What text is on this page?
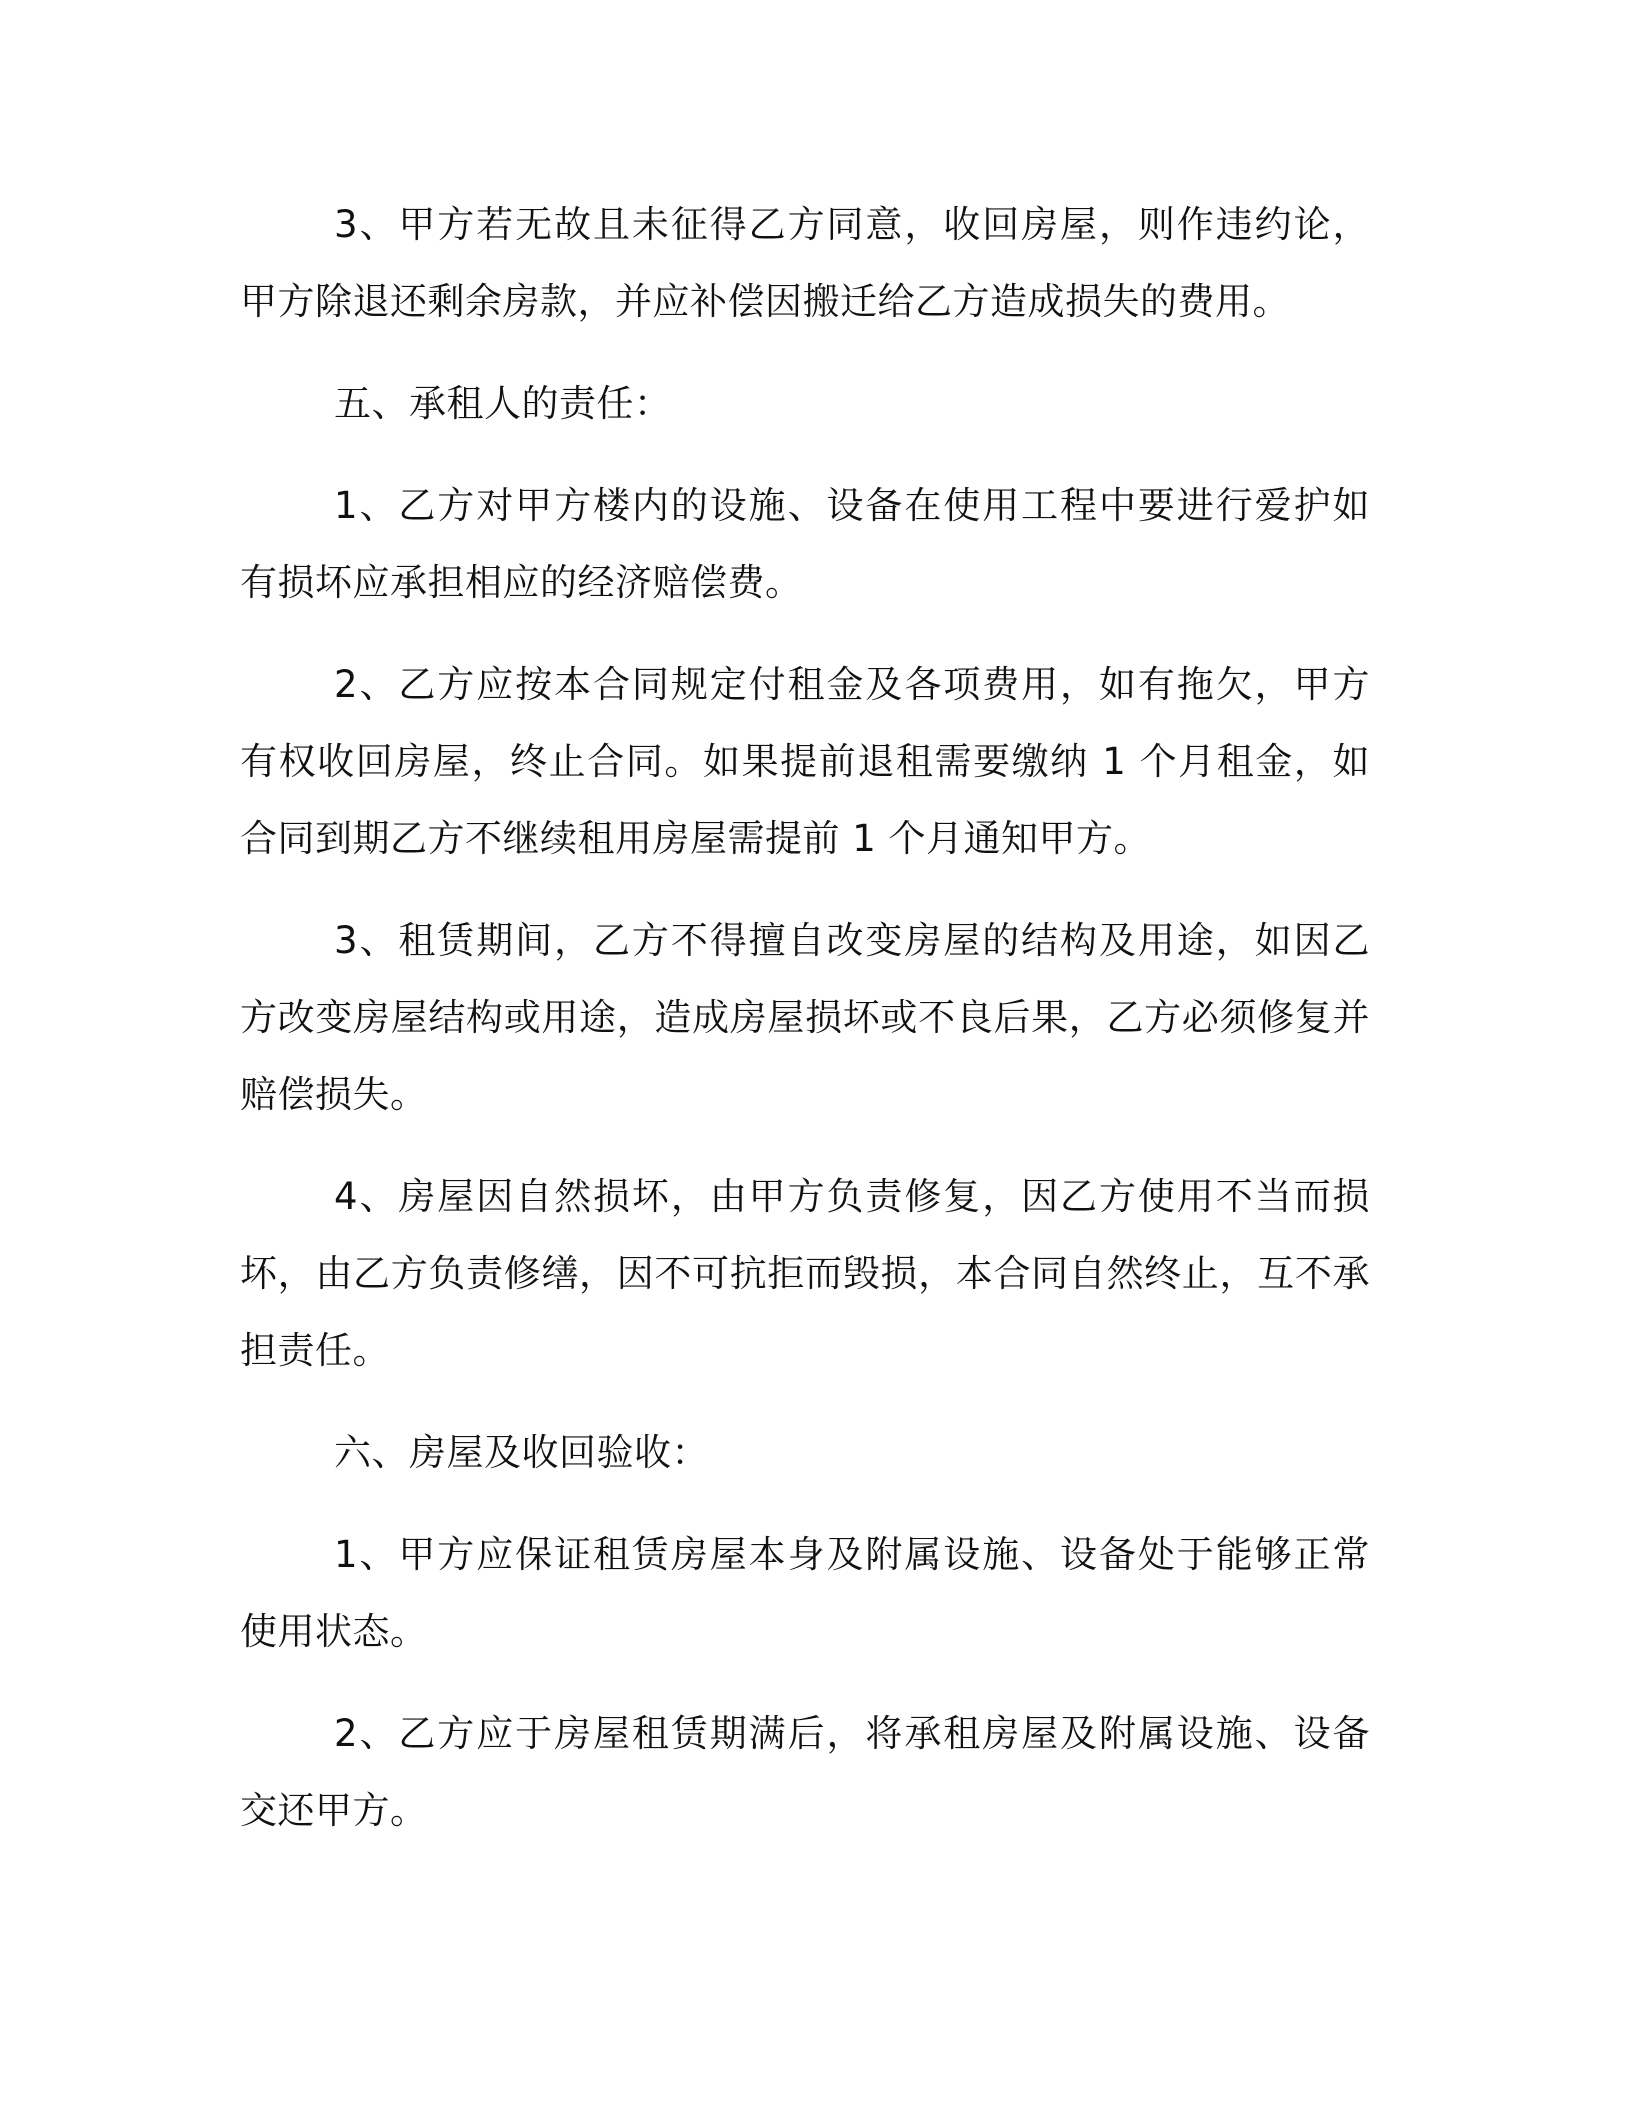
3、甲方若无故且未征得乙方同意，收回房屋，则作违约论，甲方除退还剩余房款，并应补偿因搬迁给乙方造成损失的费用。

五、承租人的责任：

1、乙方对甲方楼内的设施、设备在使用工程中要进行爱护如有损坏应承担相应的经济赔偿费。

2、乙方应按本合同规定付租金及各项费用，如有拖欠，甲方有权收回房屋，终止合同。如果提前退租需要缴纳 1 个月租金，如合同到期乙方不继续租用房屋需提前 1 个月通知甲方。

3、租赁期间，乙方不得擅自改变房屋的结构及用途，如因乙方改变房屋结构或用途，造成房屋损坏或不良后果，乙方必须修复并赔偿损失。

4、房屋因自然损坏，由甲方负责修复，因乙方使用不当而损坏，由乙方负责修缮，因不可抗拒而毁损，本合同自然终止，互不承担责任。

六、房屋及收回验收：

1、甲方应保证租赁房屋本身及附属设施、设备处于能够正常使用状态。

2、乙方应于房屋租赁期满后，将承租房屋及附属设施、设备交还甲方。
